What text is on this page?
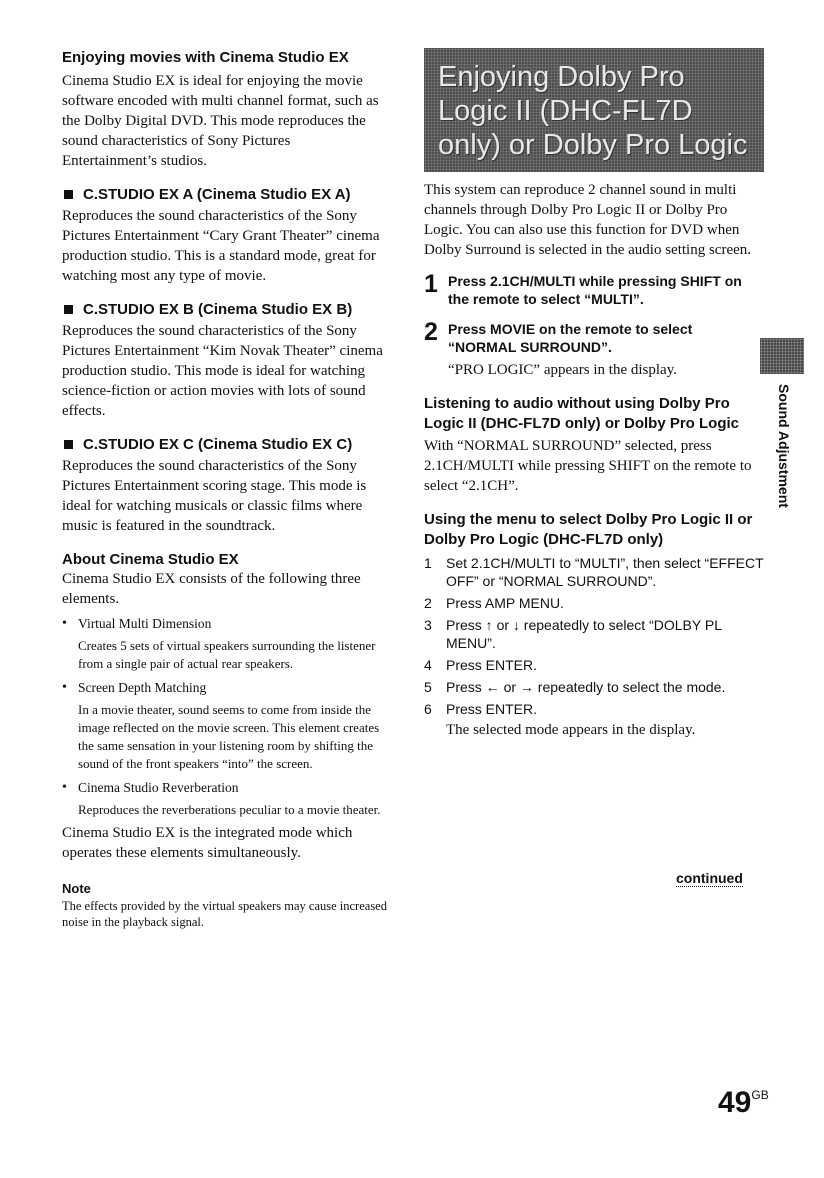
Enjoying movies with Cinema Studio EX

Cinema Studio EX is ideal for enjoying the movie software encoded with multi channel format, such as the Dolby Digital DVD. This mode reproduces the sound characteristics of Sony Pictures Entertainment’s studios.

C.STUDIO EX A (Cinema Studio EX A)

Reproduces the sound characteristics of the Sony Pictures Entertainment “Cary Grant Theater” cinema production studio. This is a standard mode, great for watching most any type of movie.

C.STUDIO EX B (Cinema Studio EX B)

Reproduces the sound characteristics of the Sony Pictures Entertainment “Kim Novak Theater” cinema production studio. This mode is ideal for watching science-fiction or action movies with lots of sound effects.

C.STUDIO EX C (Cinema Studio EX C)

Reproduces the sound characteristics of the Sony Pictures Entertainment scoring stage. This mode is ideal for watching musicals or classic films where music is featured in the soundtrack.

About Cinema Studio EX

Cinema Studio EX consists of the following three elements.

• Virtual Multi Dimension

Creates 5 sets of virtual speakers surrounding the listener from a single pair of actual rear speakers.

• Screen Depth Matching

In a movie theater, sound seems to come from inside the image reflected on the movie screen. This element creates the same sensation in your listening room by shifting the sound of the front speakers “into” the screen.

• Cinema Studio Reverberation

Reproduces the reverberations peculiar to a movie theater.

Cinema Studio EX is the integrated mode which operates these elements simultaneously.

Note

The effects provided by the virtual speakers may cause increased noise in the playback signal.

Enjoying Dolby Pro Logic II (DHC-FL7D only) or Dolby Pro Logic

This system can reproduce 2 channel sound in multi channels through Dolby Pro Logic II or Dolby Pro Logic. You can also use this function for DVD when Dolby Surround is selected in the audio setting screen.

1 Press 2.1CH/MULTI while pressing SHIFT on the remote to select “MULTI”.
2 Press MOVIE on the remote to select “NORMAL SURROUND”.

“PRO LOGIC” appears in the display.

Listening to audio without using Dolby Pro Logic II (DHC-FL7D only) or Dolby Pro Logic

With “NORMAL SURROUND” selected, press 2.1CH/MULTI while pressing SHIFT on the remote to select “2.1CH”.

Using the menu to select Dolby Pro Logic II or Dolby Pro Logic (DHC-FL7D only)

1	Set 2.1CH/MULTI to “MULTI”, then select “EFFECT OFF” or “NORMAL SURROUND”.
2	Press AMP MENU.
3	Press ↑ or ↓ repeatedly to select “DOLBY PL MENU”.
4	Press ENTER.
5	Press ← or → repeatedly to select the mode.
6	Press ENTER.

The selected mode appears in the display.

continued
Sound Adjustment
$49^{GB}$
